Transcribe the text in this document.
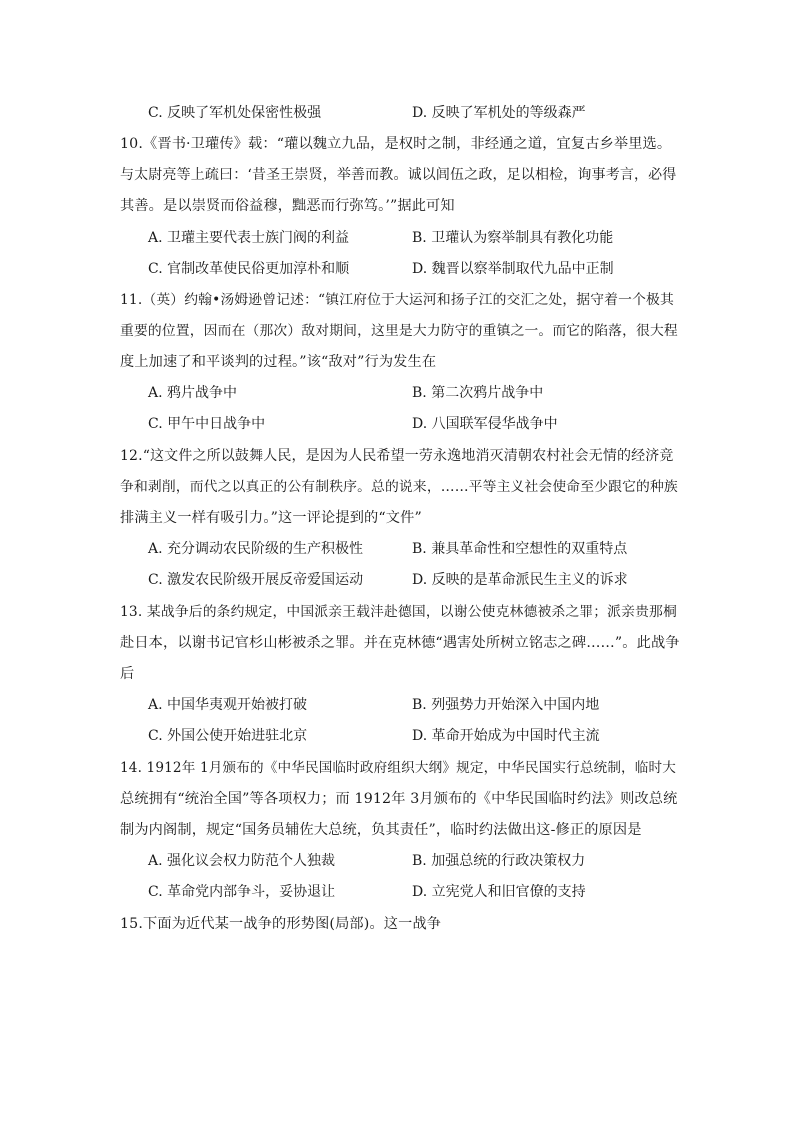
C. 反映了军机处保密性极强	D. 反映了军机处的等级森严
10.《晋书·卫瓘传》载：“瓘以魏立九品，是权时之制，非经通之道，宜复古乡举里选。
与太尉亮等上疏曰：‘昔圣王崇贤，举善而教。诚以闾伍之政，足以相检，询事考言，必得
其善。是以崇贤而俗益穆，黜恶而行弥笃。’”据此可知
A. 卫瓘主要代表士族门阀的利益	B. 卫瓘认为察举制具有教化功能
C. 官制改革使民俗更加淳朴和顺	D. 魏晋以察举制取代九品中正制
11.（英）约翰•汤姆逊曾记述：“镇江府位于大运河和扬子江的交汇之处，据守着一个极其
重要的位置，因而在（那次）敌对期间，这里是大力防守的重镇之一。而它的陷落，很大程
度上加速了和平谈判的过程。”该“敌对”行为发生在
A. 鸦片战争中	B. 第二次鸦片战争中
C. 甲午中日战争中	D. 八国联军侵华战争中
12.“这文件之所以鼓舞人民，是因为人民希望一劳永逸地消灭清朝农村社会无情的经济竞
争和剥削，而代之以真正的公有制秩序。总的说来，……平等主义社会使命至少跟它的种族
排满主义一样有吸引力。”这一评论提到的“文件”
A. 充分调动农民阶级的生产积极性	B. 兼具革命性和空想性的双重特点
C. 激发农民阶级开展反帝爱国运动	D. 反映的是革命派民生主义的诉求
13. 某战争后的条约规定，中国派亲王载沣赴德国，以谢公使克林德被杀之罪；派亲贵那桐
赴日本，以谢书记官杉山彬被杀之罪。并在克林德“遇害处所树立铭志之碑……”。此战争
后
A. 中国华夷观开始被打破	B. 列强势力开始深入中国内地
C. 外国公使开始进驻北京	D. 革命开始成为中国时代主流
14. 1912年 1月颁布的《中华民国临时政府组织大纲》规定，中华民国实行总统制，临时大
总统拥有“统治全国”等各项权力；而 1912年 3月颁布的《中华民国临时约法》则改总统
制为内阁制，规定“国务员辅佐大总统，负其责任”，临时约法做出这-修正的原因是
A. 强化议会权力防范个人独裁	B. 加强总统的行政决策权力
C. 革命党内部争斗，妥协退让	D. 立宪党人和旧官僚的支持
15.下面为近代某一战争的形势图(局部)。这一战争
